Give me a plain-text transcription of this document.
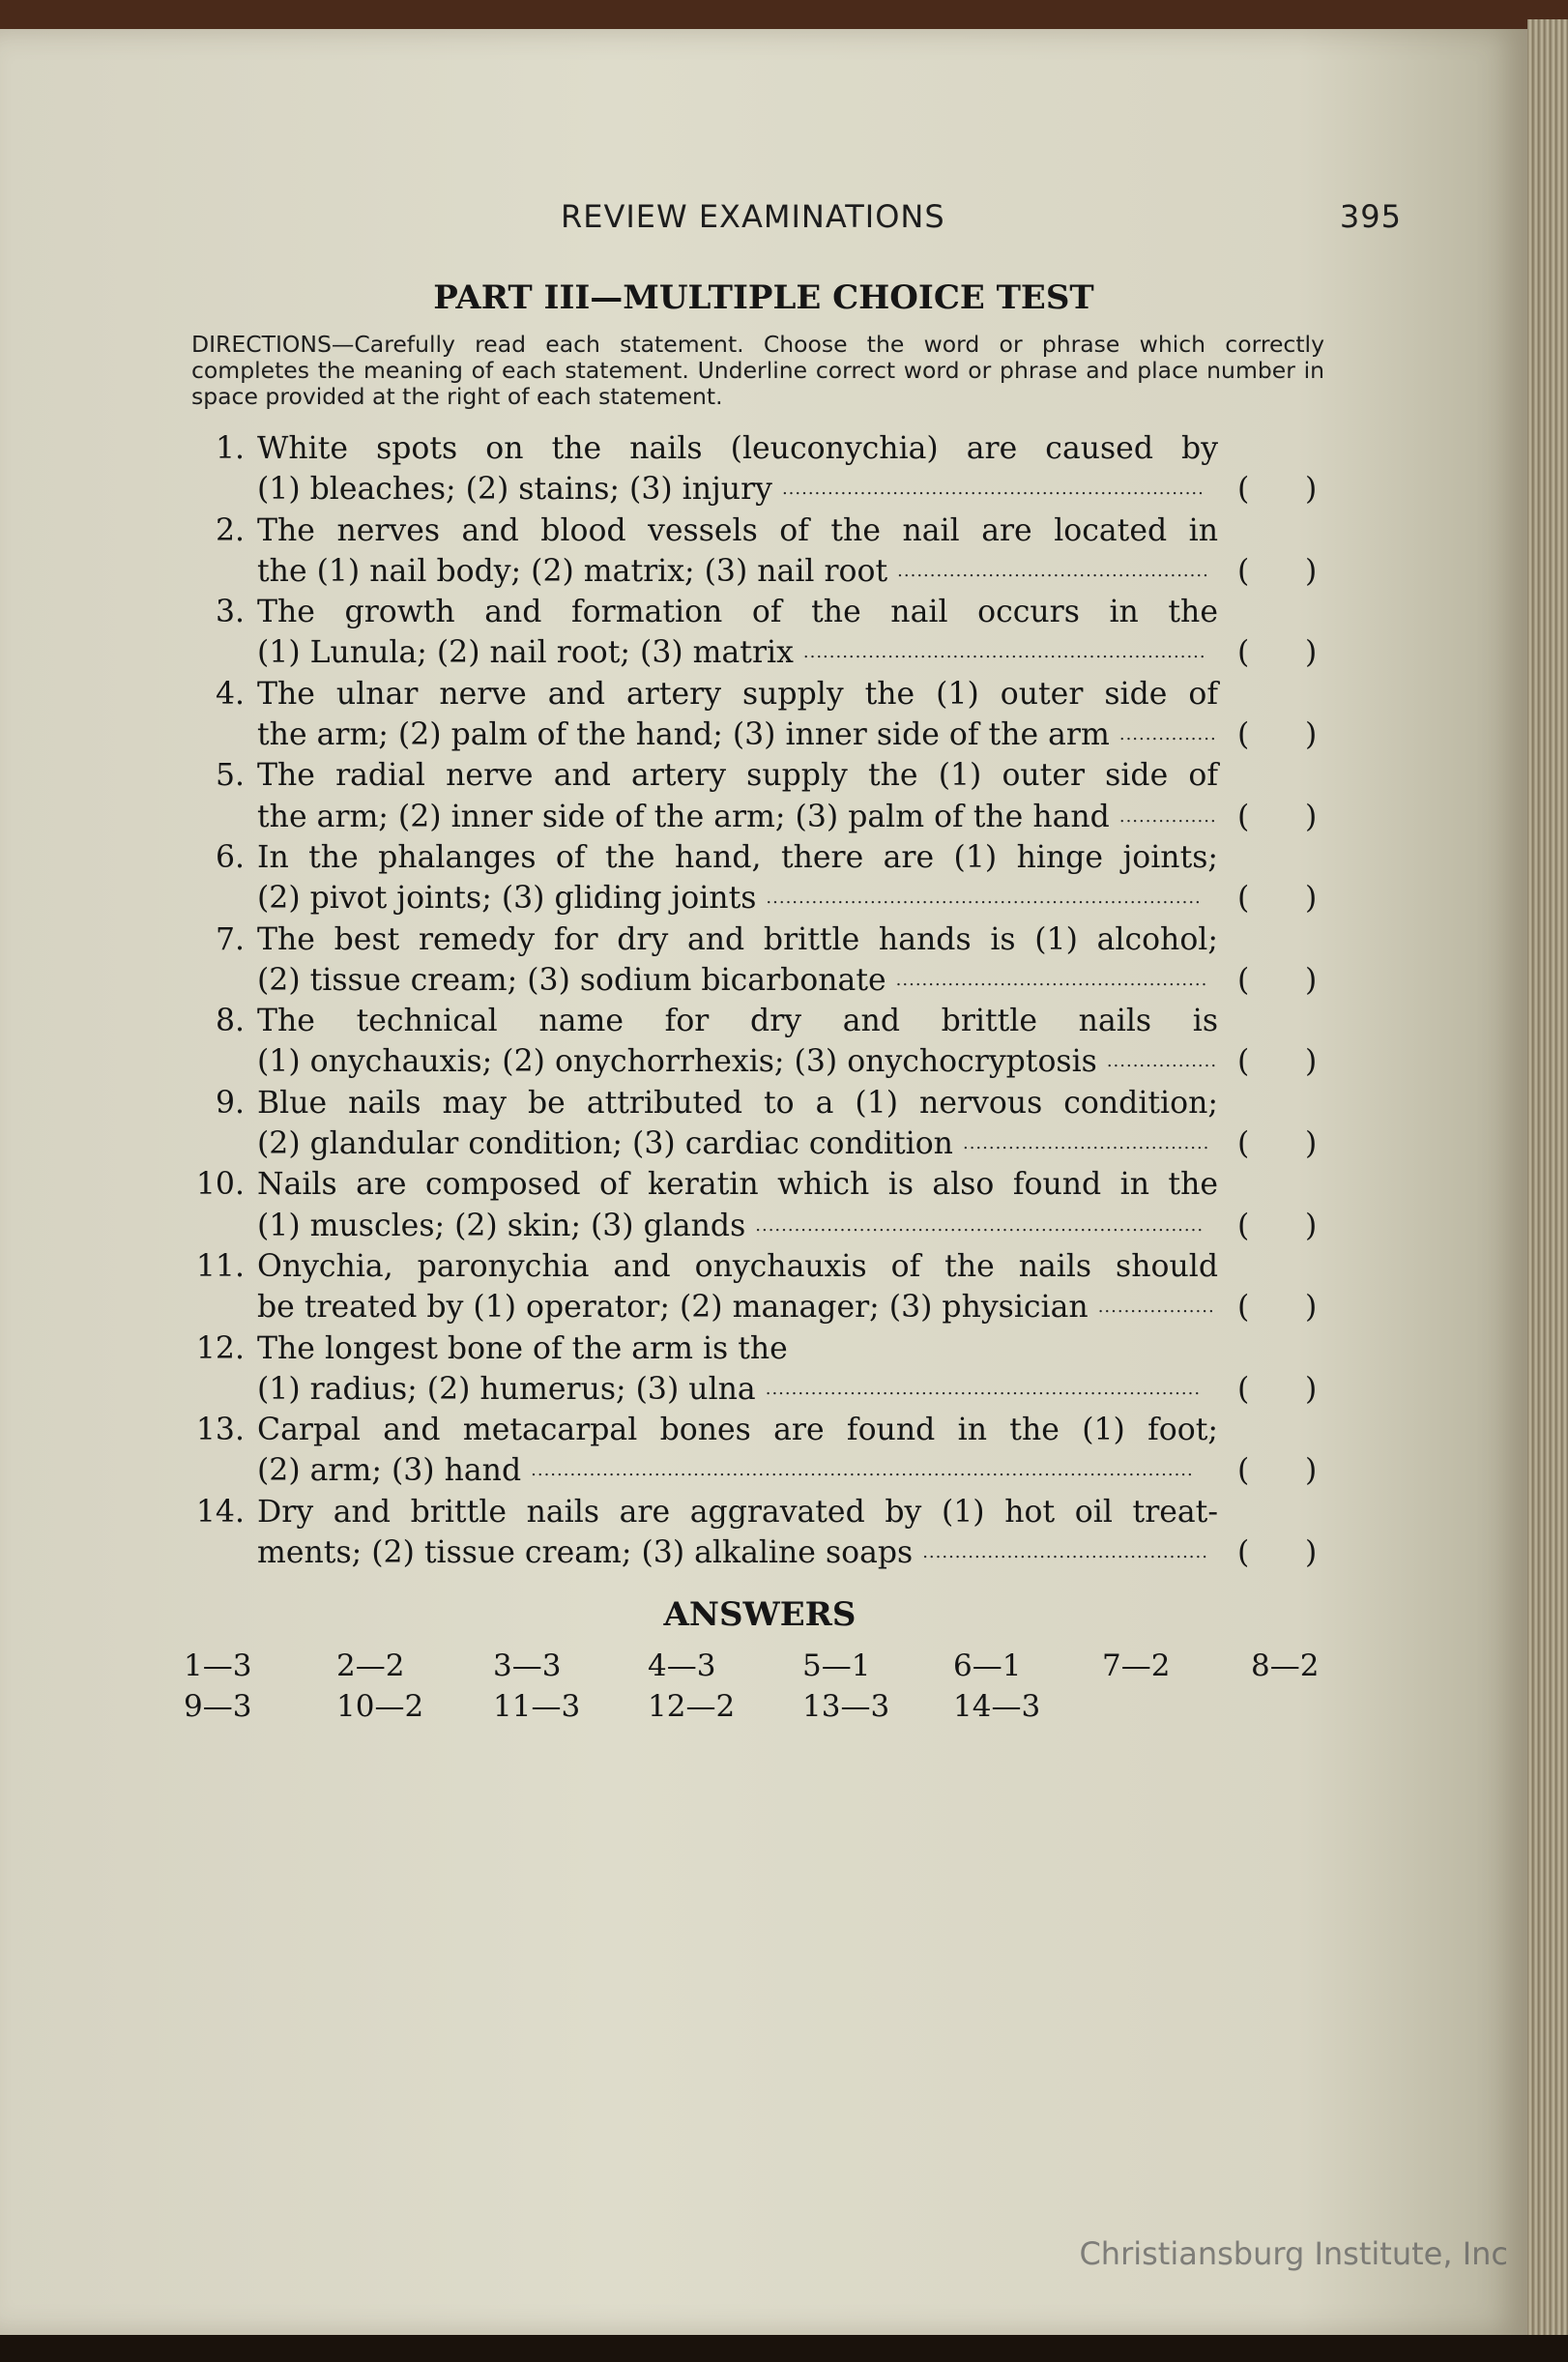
REVIEW EXAMINATIONS	395
PART III—MULTIPLE CHOICE TEST
DIRECTIONS—Carefully read each statement. Choose the word or phrase which correctly completes the meaning of each statement. Underline correct word or phrase and place number in space provided at the right of each statement.
1. White spots on the nails (leuconychia) are caused by
(1) bleaches; (2) stains; (3) injury .................................................................	( )
2. The nerves and blood vessels of the nail are located in
the (1) nail body; (2) matrix; (3) nail root ................................................ ( )
3. The growth and formation of the nail occurs in the
(1) Lunula; (2) nail root; (3) matrix ..............................................................	( )
4. The ulnar nerve and artery supply the (1) outer side of
the arm; (2) palm of the hand; (3) inner side of the arm ............... ( )
5. The radial nerve and artery supply the (1) outer side of
the arm; (2) inner side of the arm; (3) palm of the hand ............... ( )
6. In the phalanges of the hand, there are (1) hinge joints;
(2) pivot joints; (3) gliding joints ...................................................................	( )
7. The best remedy for dry and brittle hands is (1) alcohol;
(2) tissue cream; (3) sodium bicarbonate ................................................ ( )
8. The technical name for dry and brittle nails is
(1) onychauxis; (2) onychorrhexis; (3) onychocryptosis ................. ( )
9. Blue nails may be attributed to a (1) nervous condition;
(2) glandular condition; (3) cardiac condition ...................................... ( )
10. Nails are composed of keratin which is also found in the
(1) muscles; (2) skin; (3) glands .....................................................................	( )
11. Onychia, paronychia and onychauxis of the nails should
be treated by (1) operator; (2) manager; (3) physician .................. ( )
12. The longest bone of the arm is the
(1) radius; (2) humerus; (3) ulna ...................................................................	( )
13. Carpal and metacarpal bones are found in the (1) foot;
(2) arm; (3) hand ......................................................................................................	( )
14. Dry and brittle nails are aggravated by (1) hot oil treat-
ments; (2) tissue cream; (3) alkaline soaps ............................................ ( )
ANSWERS
1—3	2—2	3—3	4—3	5—1	6—1	7—2	8—2
9—3	10—2 11—3 12—2 13—3 14—3
Christiansburg Institute, Inc
